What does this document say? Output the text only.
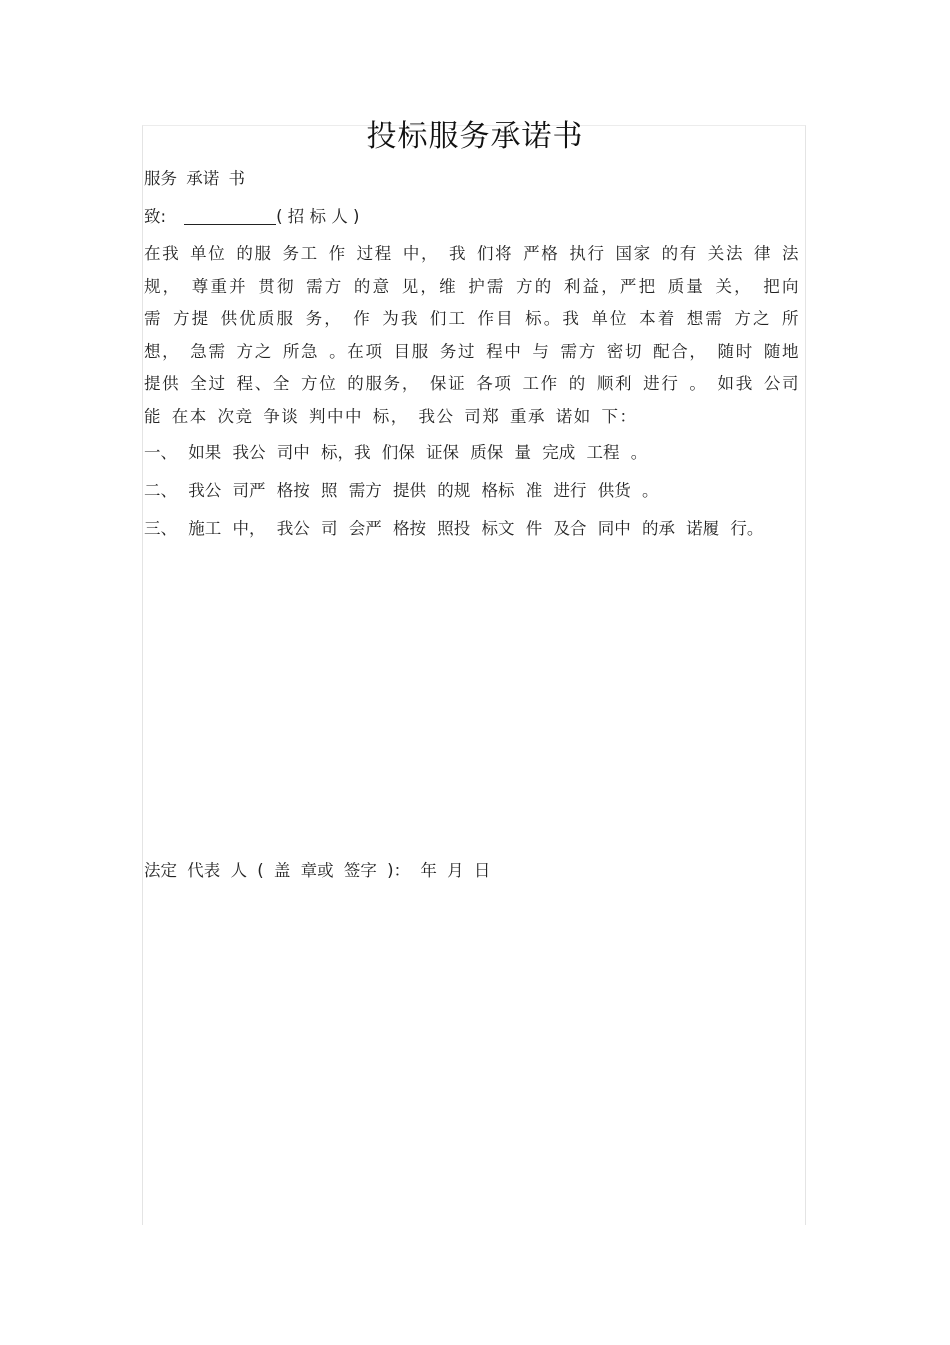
投标服务承诺书
服务 承诺 书
致:	( 招 标 人 )
在我 单位 的服 务工 作 过程 中， 我 们将 严格 执行 国家 的有 关法 律 法规， 尊重并 贯彻 需方 的意 见，维 护需 方的 利益，严把 质量 关， 把向 需 方提 供优质服 务， 作 为我 们工 作目 标。我 单位 本着 想需 方之 所想， 急需 方之 所急 。在项 目服 务过 程中 与 需方 密切 配合， 随时 随地 提供 全过 程、全 方位 的服务， 保证 各项 工作 的 顺利 进行 。 如我 公司能 在本 次竞 争谈 判中中 标， 我公 司郑 重承 诺如 下：
一、 如果 我公 司中 标，我 们保 证保 质保 量 完成 工程 。
二、 我公 司严 格按 照 需方 提供 的规 格标 准 进行 供货 。
三、 施工 中， 我公 司 会严 格按 照投 标文 件 及合 同中 的承 诺履 行。
法定 代表 人 ( 盖 章或 签字 )： 年 月 日
